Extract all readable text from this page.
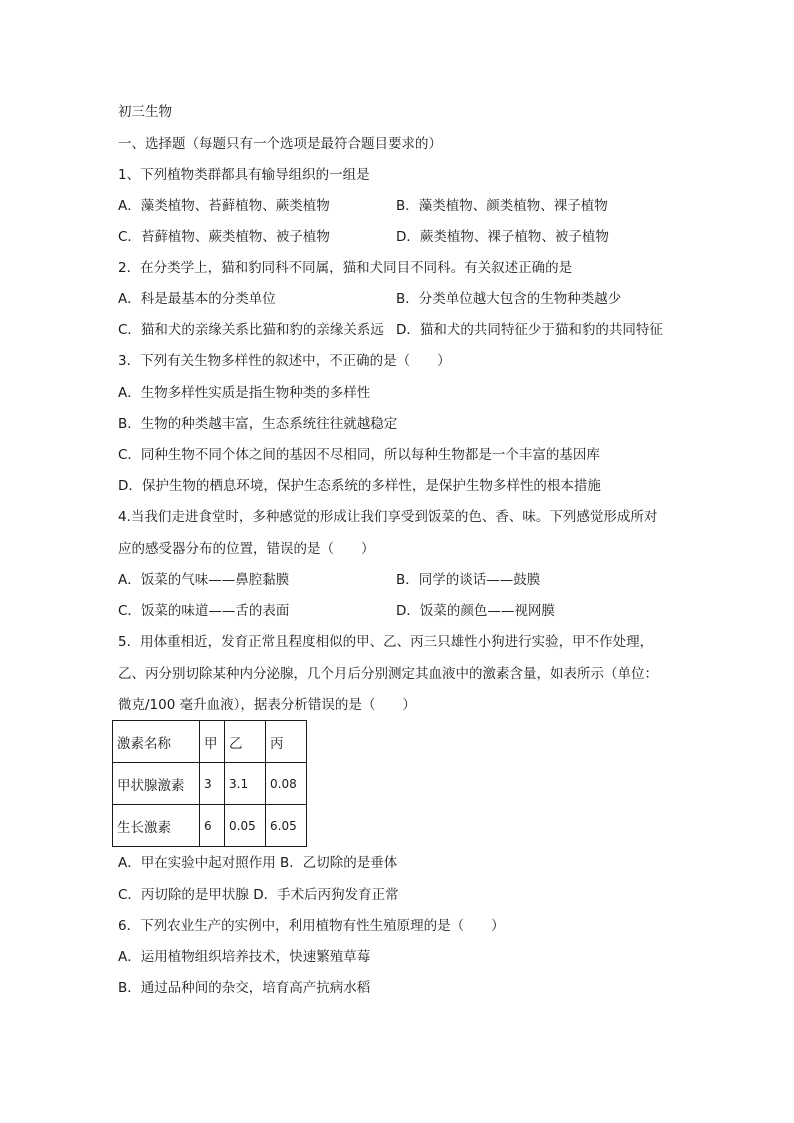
初三生物
一、选择题（每题只有一个选项是最符合题目要求的）
1、下列植物类群都具有输导组织的一组是
A．藻类植物、苔藓植物、蕨类植物	B．藻类植物、颜类植物、裸子植物
C．苔藓植物、蕨类植物、被子植物	D．蕨类植物、裸子植物、被子植物
2．在分类学上，猫和豹同科不同属，猫和犬同目不同科。有关叙述正确的是
A．科是最基本的分类单位	B．分类单位越大包含的生物种类越少
C．猫和犬的亲缘关系比猫和豹的亲缘关系远 D．猫和犬的共同特征少于猫和豹的共同特征
3．下列有关生物多样性的叙述中，不正确的是（　　）
A．生物多样性实质是指生物种类的多样性
B．生物的种类越丰富，生态系统往往就越稳定
C．同种生物不同个体之间的基因不尽相同，所以每种生物都是一个丰富的基因库
D．保护生物的栖息环境，保护生态系统的多样性，是保护生物多样性的根本措施
4.当我们走进食堂时，多种感觉的形成让我们享受到饭菜的色、香、味。下列感觉形成所对
应的感受器分布的位置，错误的是（　　）
A．饭菜的气味——鼻腔黏膜	B．同学的谈话——鼓膜
C．饭菜的味道——舌的表面	D．饭菜的颜色——视网膜
5．用体重相近，发育正常且程度相似的甲、乙、丙三只雄性小狗进行实验，甲不作处理，
乙、丙分别切除某种内分泌腺，几个月后分别测定其血液中的激素含量，如表所示（单位：
微克/100 毫升血液），据表分析错误的是（　　）
激素名称	甲	乙	丙
甲状腺激素	3	3.1	0.08
生长激素	6	0.05	6.05
A．甲在实验中起对照作用 B．乙切除的是垂体
C．丙切除的是甲状腺 D．手术后丙狗发育正常
6．下列农业生产的实例中，利用植物有性生殖原理的是（　　）
A．运用植物组织培养技术，快速繁殖草莓
B．通过品种间的杂交，培育高产抗病水稻
